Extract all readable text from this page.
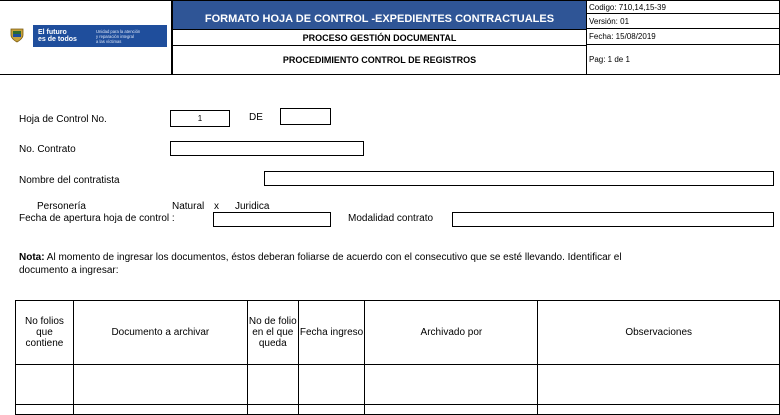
El futuro
es de todos
Unidad para la atención
y reparación integral
a las víctimas
FORMATO HOJA DE CONTROL -EXPEDIENTES CONTRACTUALES
PROCESO GESTIÓN DOCUMENTAL
PROCEDIMIENTO CONTROL DE REGISTROS
Codigo: 710,14,15-39
Versión: 01
Fecha: 15/08/2019
Pag: 1 de 1
Hoja de Control No.	1	DE
No. Contrato
Nombre del contratista
Personería	Natural x Juridica
Fecha de apertura hoja de control :	Modalidad contrato
Nota: Al momento de ingresar los documentos, éstos deberan foliarse de acuerdo con el consecutivo que se esté llevando. Identificar el
documento a ingresar:
No folios que contiene	Documento a archivar	No de folio en el que queda	Fecha ingreso	Archivado por	Observaciones
